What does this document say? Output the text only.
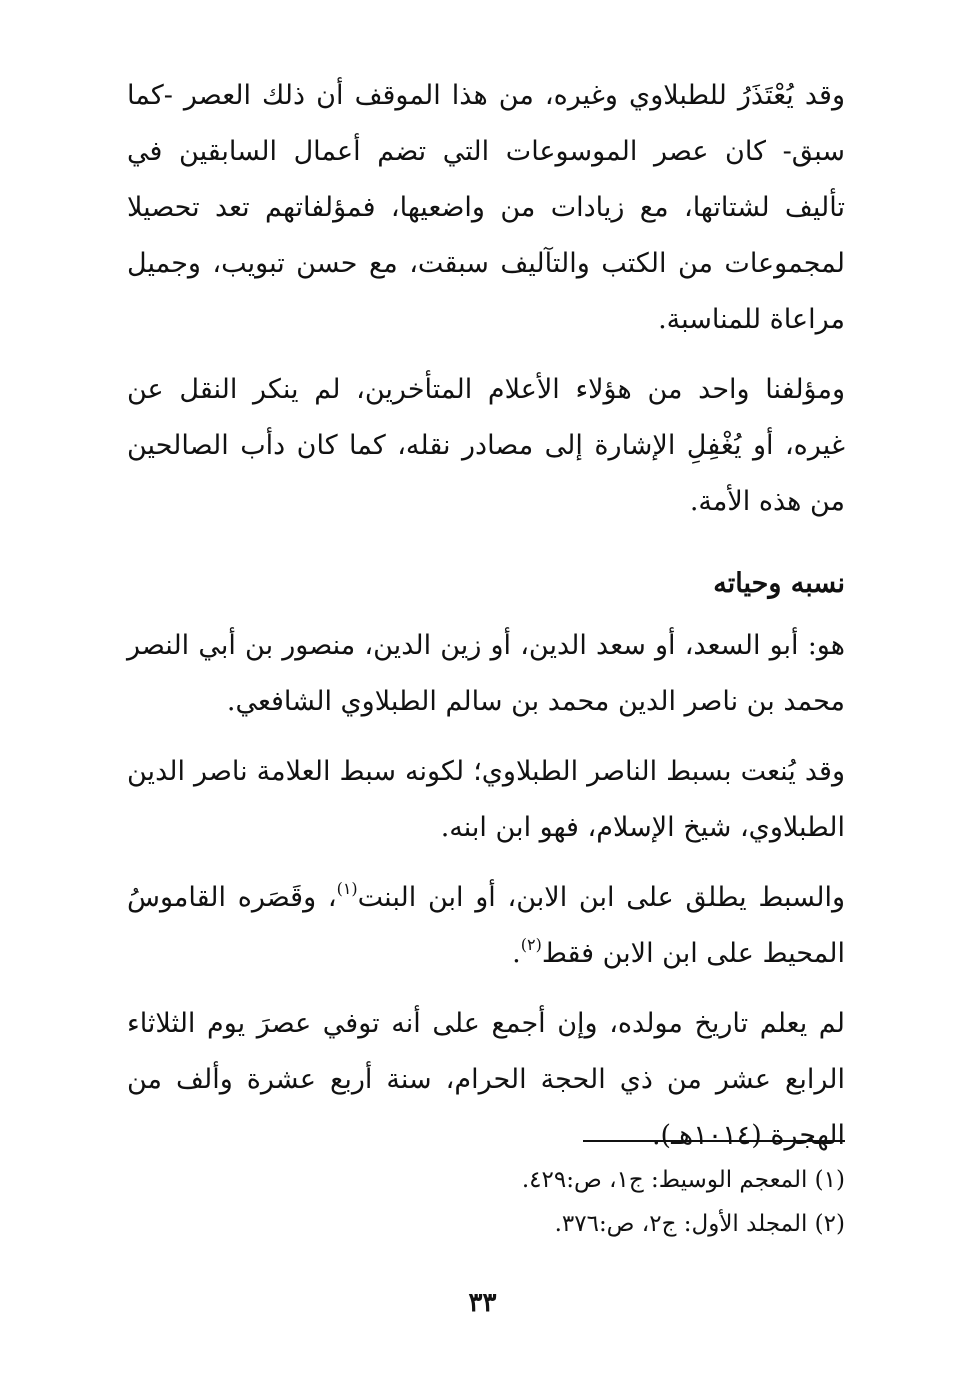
وقد يُعْتَذَرُ للطبلاوي وغيره، من هذا الموقف أن ذلك العصر -كما سبق- كان عصر الموسوعات التي تضم أعمال السابقين في تأليف لشتاتها، مع زيادات من واضعيها، فمؤلفاتهم تعد تحصيلا لمجموعات من الكتب والتآليف سبقت، مع حسن تبويب، وجميل مراعاة للمناسبة.

ومؤلفنا واحد من هؤلاء الأعلام المتأخرين، لم ينكر النقل عن غيره، أو يُغْفِلِ الإشارة إلى مصادر نقله، كما كان دأب الصالحين من هذه الأمة.

نسبه وحياته

هو: أبو السعد، أو سعد الدين، أو زين الدين، منصور بن أبي النصر محمد بن ناصر الدين محمد بن سالم الطبلاوي الشافعي.

وقد يُنعت بسبط الناصر الطبلاوي؛ لكونه سبط العلامة ناصر الدين الطبلاوي، شيخ الإسلام، فهو ابن ابنه.

والسبط يطلق على ابن الابن، أو ابن البنت$^{(١)}$، وقَصَره القاموسُ المحيط على ابن الابن فقط$^{(٢)}$.

لم يعلم تاريخ مولده، وإن أجمع على أنه توفي عصرَ يوم الثلاثاء الرابع عشر من ذي الحجة الحرام، سنة أربع عشرة وألف من الهجرة (١٠١٤هـ).

(١) المعجم الوسيط: ج١، ص:٤٢٩.

(٢) المجلد الأول: ج٢، ص:٣٧٦.

٣٣
